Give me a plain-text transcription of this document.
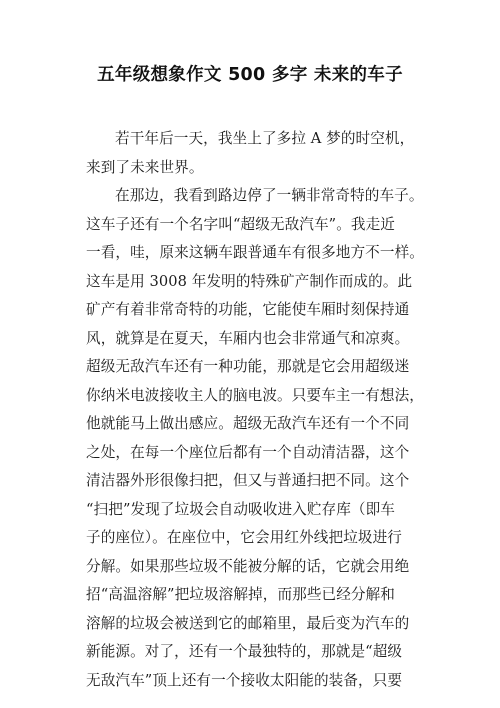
五年级想象作文 500 多字 未来的车子
若干年后一天，我坐上了多拉 A 梦的时空机，
来到了未来世界。
在那边，我看到路边停了一辆非常奇特的车子。
这车子还有一个名字叫“超级无敌汽车”。我走近
一看，哇，原来这辆车跟普通车有很多地方不一样。
这车是用 3008 年发明的特殊矿产制作而成的。此
矿产有着非常奇特的功能，它能使车厢时刻保持通
风，就算是在夏天，车厢内也会非常通气和凉爽。
超级无敌汽车还有一种功能，那就是它会用超级迷
你纳米电波接收主人的脑电波。只要车主一有想法，
他就能马上做出感应。超级无敌汽车还有一个不同
之处，在每一个座位后都有一个自动清洁器，这个
清洁器外形很像扫把，但又与普通扫把不同。这个
“扫把”发现了垃圾会自动吸收进入贮存库（即车
子的座位）。在座位中，它会用红外线把垃圾进行
分解。如果那些垃圾不能被分解的话，它就会用绝
招“高温溶解”把垃圾溶解掉，而那些已经分解和
溶解的垃圾会被送到它的邮箱里，最后变为汽车的
新能源。对了，还有一个最独特的，那就是“超级
无敌汽车”顶上还有一个接收太阳能的装备，只要
